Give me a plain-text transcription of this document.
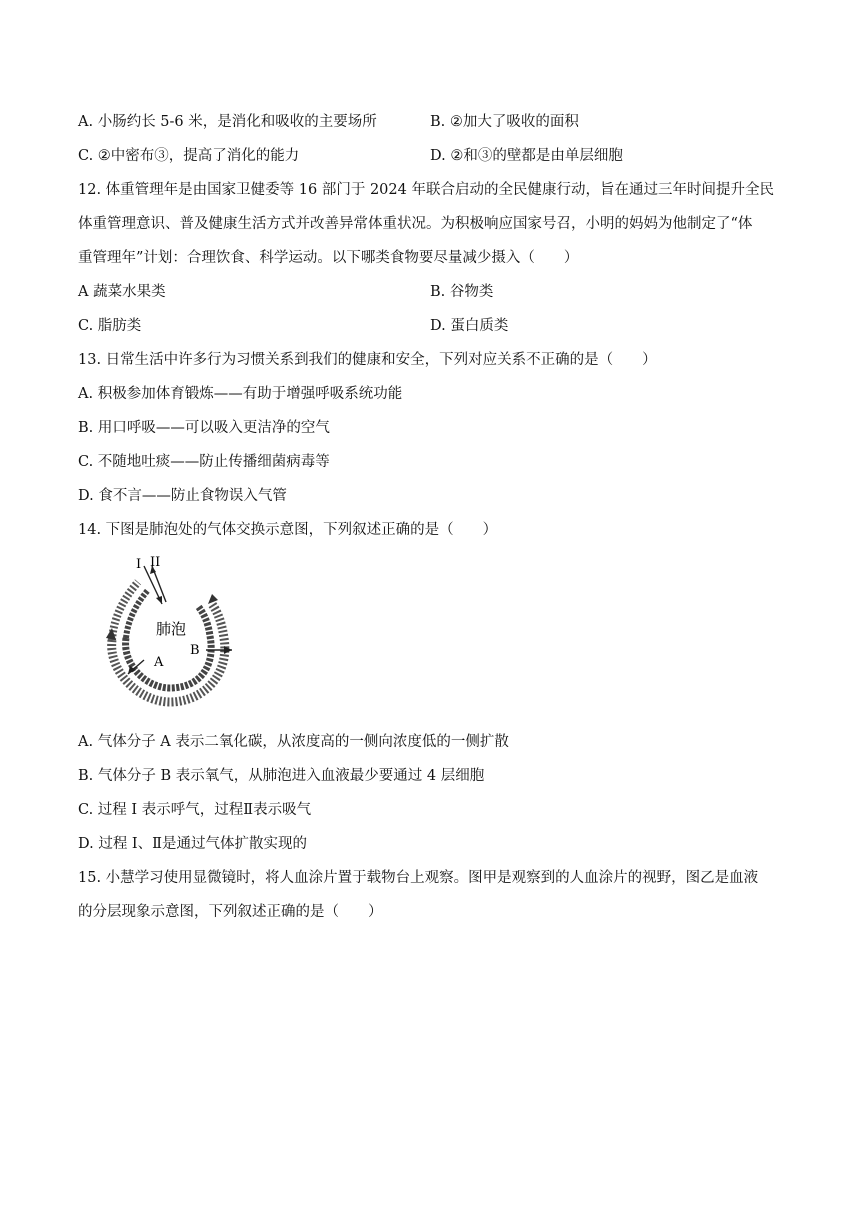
A. 小肠约长 5-6 米，是消化和吸收的主要场所	B. ②加大了吸收的面积
C. ②中密布③，提高了消化的能力	D. ②和③的壁都是由单层细胞
12. 体重管理年是由国家卫健委等 16 部门于 2024 年联合启动的全民健康行动，旨在通过三年时间提升全民
体重管理意识、普及健康生活方式并改善异常体重状况。为积极响应国家号召，小明的妈妈为他制定了“体
重管理年”计划：合理饮食、科学运动。以下哪类食物要尽量减少摄入（　　）
A 蔬菜水果类	B. 谷物类
C. 脂肪类	D. 蛋白质类
13. 日常生活中许多行为习惯关系到我们的健康和安全，下列对应关系不正确的是（　　）
A. 积极参加体育锻炼——有助于增强呼吸系统功能
B. 用口呼吸——可以吸入更洁净的空气
C. 不随地吐痰——防止传播细菌病毒等
D. 食不言——防止食物误入气管
14. 下图是肺泡处的气体交换示意图，下列叙述正确的是（　　）
I II
肺泡
A
B
A. 气体分子 A 表示二氧化碳，从浓度高的一侧向浓度低的一侧扩散
B. 气体分子 B 表示氧气，从肺泡进入血液最少要通过 4 层细胞
C. 过程 I 表示呼气，过程Ⅱ表示吸气
D. 过程 I、Ⅱ是通过气体扩散实现的
15. 小慧学习使用显微镜时，将人血涂片置于载物台上观察。图甲是观察到的人血涂片的视野，图乙是血液
的分层现象示意图，下列叙述正确的是（　　）
